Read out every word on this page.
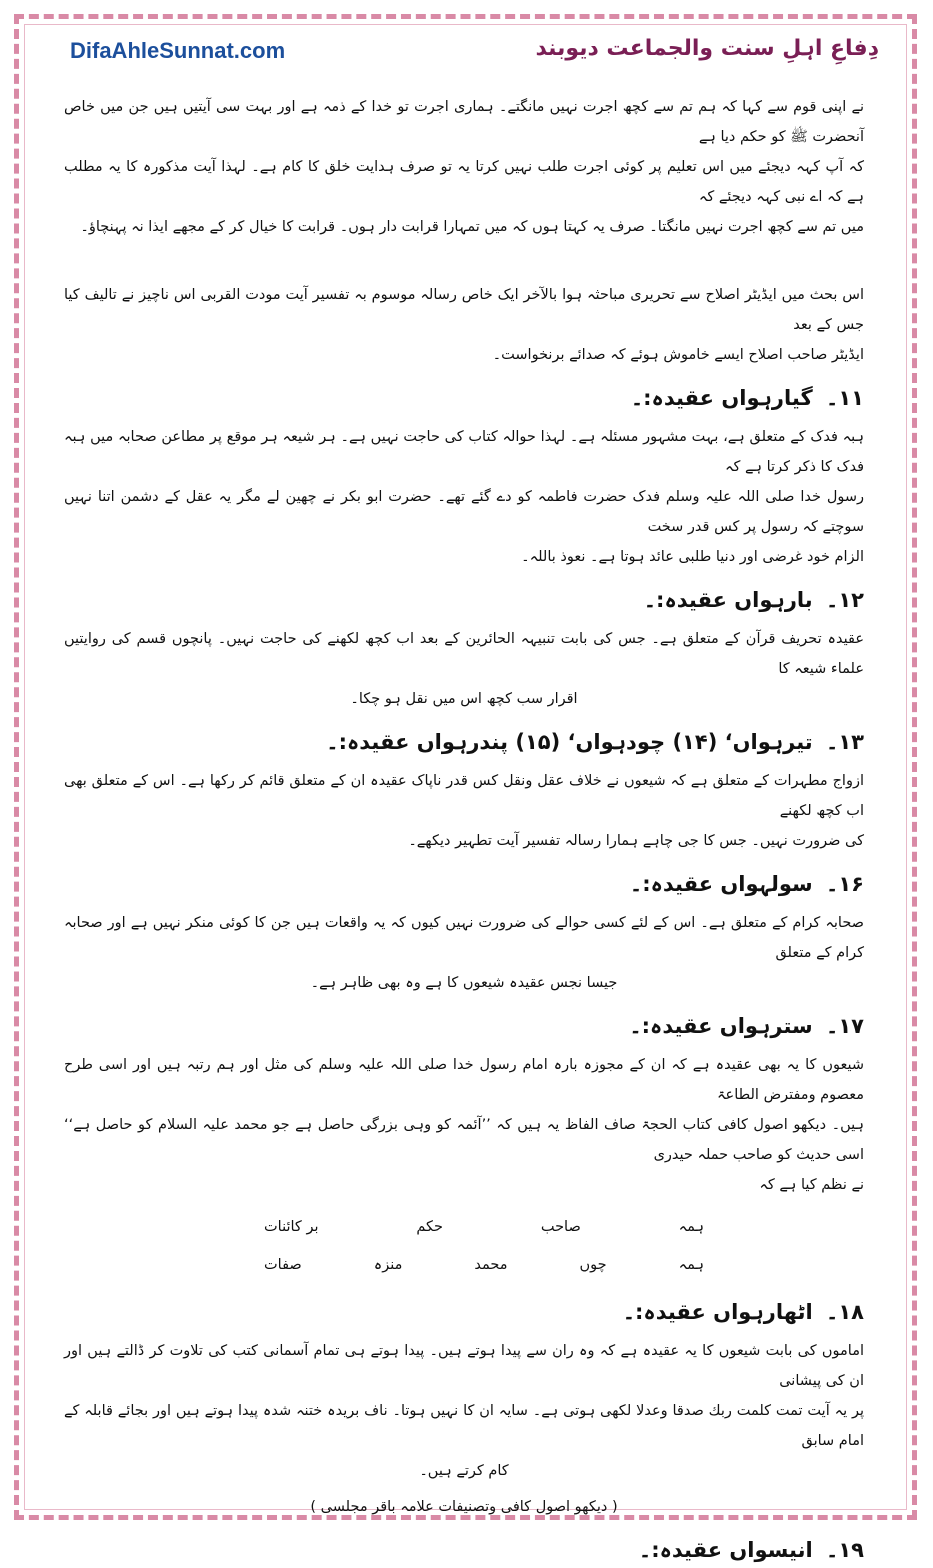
DifaAhleSunnat.com	دِفاعِ اہلِ سنت والجماعت دیوبند

نے اپنی قوم سے کہا کہ ہم تم سے کچھ اجرت نہیں مانگتے۔ ہماری اجرت تو خدا کے ذمہ ہے اور بہت سی آیتیں ہیں جن میں خاص آنحضرت ﷺ کو حکم دیا ہے

کہ آپ کہہ دیجئے میں اس تعلیم پر کوئی اجرت طلب نہیں کرتا یہ تو صرف ہدایت خلق کا کام ہے۔ لہذا آیت مذکورہ کا یہ مطلب ہے کہ اے نبی کہہ دیجئے کہ

میں تم سے کچھ اجرت نہیں مانگتا۔ صرف یہ کہتا ہوں کہ میں تمہارا قرابت دار ہوں۔ قرابت کا خیال کر کے مجھے ایذا نہ پہنچاؤ۔

اس بحث میں ایڈیٹر اصلاح سے تحریری مباحثہ ہوا بالآخر ایک خاص رسالہ موسوم بہ تفسیر آیت مودت القربی اس ناچیز نے تالیف کیا جس کے بعد

ایڈیٹر صاحب اصلاح ایسے خاموش ہوئے کہ صدائے برنخواست۔

۱۱۔ گیارہواں عقیدہ:۔

ہبہ فدک کے متعلق ہے، بہت مشہور مسئلہ ہے۔ لہذا حوالہ کتاب کی حاجت نہیں ہے۔ ہر شیعہ ہر موقع پر مطاعن صحابہ میں ہبہ فدک کا ذکر کرتا ہے کہ

رسول خدا صلی اللہ علیہ وسلم فدک حضرت فاطمہ کو دے گئے تھے۔ حضرت ابو بکر نے چھین لے مگر یہ عقل کے دشمن اتنا نہیں سوچتے کہ رسول پر کس قدر سخت

الزام خود غرضی اور دنیا طلبی عائد ہوتا ہے۔ نعوذ باللہ۔

۱۲۔ بارہواں عقیدہ:۔

عقیدہ تحریف قرآن کے متعلق ہے۔ جس کی بابت تنبیہہ الحائرین کے بعد اب کچھ لکھنے کی حاجت نہیں۔ پانچوں قسم کی روایتیں علماء شیعہ کا

اقرار سب کچھ اس میں نقل ہو چکا۔

۱۳۔ تیرہواں‘ (۱۴) چودہواں‘ (۱۵) پندرہواں عقیدہ:۔

ازواج مطہرات کے متعلق ہے کہ شیعوں نے خلاف عقل ونقل کس قدر ناپاک عقیدہ ان کے متعلق قائم کر رکھا ہے۔ اس کے متعلق بھی اب کچھ لکھنے

کی ضرورت نہیں۔ جس کا جی چاہے ہمارا رسالہ تفسیر آیت تطہیر دیکھے۔

۱۶۔ سولہواں عقیدہ:۔

صحابہ کرام کے متعلق ہے۔ اس کے لئے کسی حوالے کی ضرورت نہیں کیوں کہ یہ واقعات ہیں جن کا کوئی منکر نہیں ہے اور صحابہ کرام کے متعلق

جیسا نجس عقیدہ شیعوں کا ہے وہ بھی ظاہر ہے۔

۱۷۔ سترہواں عقیدہ:۔

شیعوں کا یہ بھی عقیدہ ہے کہ ان کے مجوزہ بارہ امام رسول خدا صلی اللہ علیہ وسلم کی مثل اور ہم رتبہ ہیں اور اسی طرح معصوم ومفترض الطاعۃ

ہیں۔ دیکھو اصول کافی کتاب الحجۃ صاف الفاظ یہ ہیں کہ ’’آئمہ کو وہی بزرگی حاصل ہے جو محمد علیہ السلام کو حاصل ہے‘‘ اسی حدیث کو صاحب حملہ حیدری

نے نظم کیا ہے کہ

ہمہ
صاحب
حکم
بر کائنات
ہمہ
چوں
محمد
منزہ
صفات
۱۸۔ اٹھارہواں عقیدہ:۔

اماموں کی بابت شیعوں کا یہ عقیدہ ہے کہ وہ ران سے پیدا ہوتے ہیں۔ پیدا ہوتے ہی تمام آسمانی کتب کی تلاوت کر ڈالتے ہیں اور ان کی پیشانی

پر یہ آیت تمت کلمت ربك صدقا وعدلا لکھی ہوتی ہے۔ سایہ ان کا نہیں ہوتا۔ ناف بریدہ ختنہ شدہ پیدا ہوتے ہیں اور بجائے قابلہ کے امام سابق

کام کرتے ہیں۔

( دیکھو اصول کافی وتصنیفات علامہ باقر مجلسی )
۱۹۔ انیسواں عقیدہ:۔
